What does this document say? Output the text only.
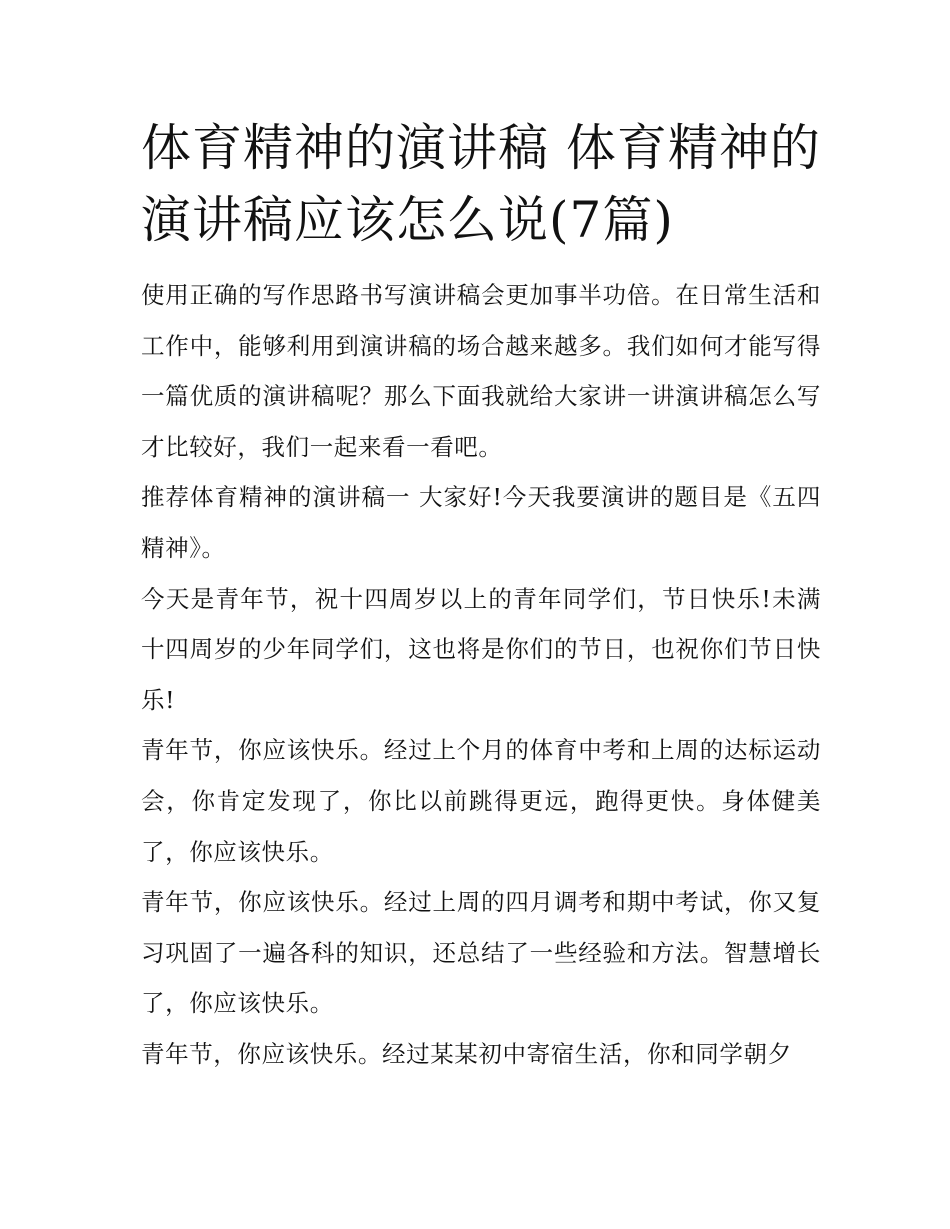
体育精神的演讲稿 体育精神的演讲稿应该怎么说(7篇)

使用正确的写作思路书写演讲稿会更加事半功倍。在日常生活和工作中，能够利用到演讲稿的场合越来越多。我们如何才能写得一篇优质的演讲稿呢？那么下面我就给大家讲一讲演讲稿怎么写才比较好，我们一起来看一看吧。

推荐体育精神的演讲稿一 大家好!今天我要演讲的题目是《五四精神》。

今天是青年节，祝十四周岁以上的青年同学们，节日快乐!未满十四周岁的少年同学们，这也将是你们的节日，也祝你们节日快乐!

青年节，你应该快乐。经过上个月的体育中考和上周的达标运动会，你肯定发现了，你比以前跳得更远，跑得更快。身体健美了，你应该快乐。

青年节，你应该快乐。经过上周的四月调考和期中考试，你又复习巩固了一遍各科的知识，还总结了一些经验和方法。智慧增长了，你应该快乐。

青年节，你应该快乐。经过某某初中寄宿生活，你和同学朝夕
